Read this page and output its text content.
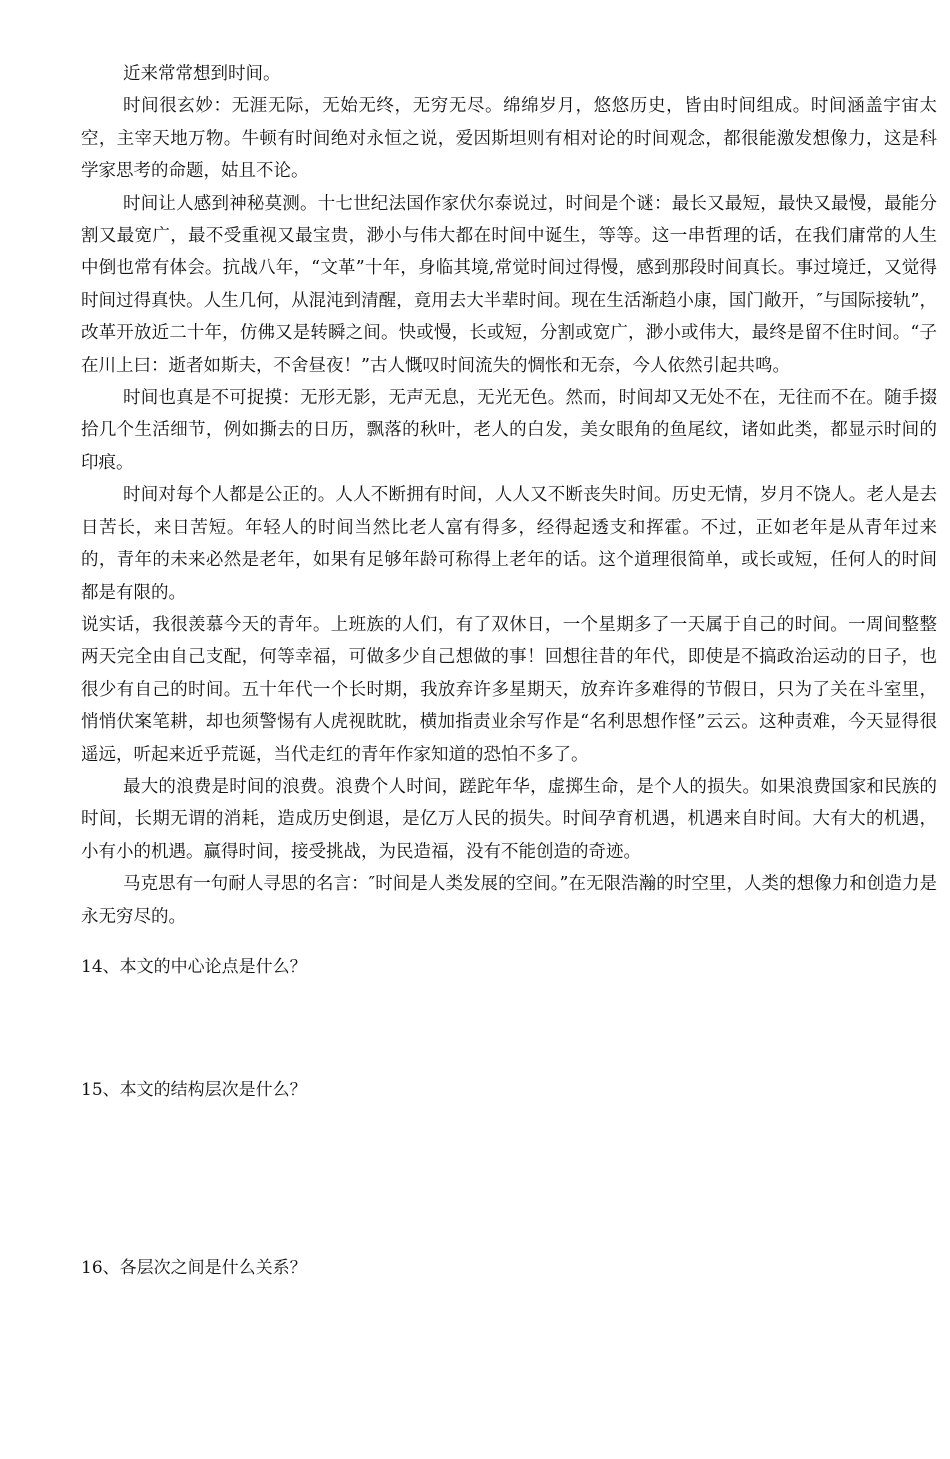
近来常常想到时间。

时间很玄妙：无涯无际，无始无终，无穷无尽。绵绵岁月，悠悠历史，皆由时间组成。时间涵盖宇宙太空，主宰天地万物。牛顿有时间绝对永恒之说，爱因斯坦则有相对论的时间观念，都很能激发想像力，这是科学家思考的命题，姑且不论。

时间让人感到神秘莫测。十七世纪法国作家伏尔泰说过，时间是个谜：最长又最短，最快又最慢，最能分割又最宽广，最不受重视又最宝贵，渺小与伟大都在时间中诞生，等等。这一串哲理的话，在我们庸常的人生中倒也常有体会。抗战八年，“文革”十年，身临其境,常觉时间过得慢，感到那段时间真长。事过境迁，又觉得时间过得真快。人生几何，从混沌到清醒，竟用去大半辈时间。现在生活渐趋小康，国门敞开，″与国际接轨”，改革开放近二十年，仿佛又是转瞬之间。快或慢，长或短，分割或宽广，渺小或伟大，最终是留不住时间。“子在川上曰：逝者如斯夫，不舍昼夜！”古人慨叹时间流失的惆怅和无奈，今人依然引起共鸣。

时间也真是不可捉摸：无形无影，无声无息，无光无色。然而，时间却又无处不在，无往而不在。随手掇拾几个生活细节，例如撕去的日历，飘落的秋叶，老人的白发，美女眼角的鱼尾纹，诸如此类，都显示时间的印痕。

时间对每个人都是公正的。人人不断拥有时间，人人又不断丧失时间。历史无情，岁月不饶人。老人是去日苦长，来日苦短。年轻人的时间当然比老人富有得多，经得起透支和挥霍。不过，正如老年是从青年过来的，青年的未来必然是老年，如果有足够年龄可称得上老年的话。这个道理很简单，或长或短，任何人的时间都是有限的。

说实话，我很羡慕今天的青年。上班族的人们，有了双休日，一个星期多了一天属于自己的时间。一周间整整两天完全由自己支配，何等幸福，可做多少自己想做的事！回想往昔的年代，即使是不搞政治运动的日子，也很少有自己的时间。五十年代一个长时期，我放弃许多星期天，放弃许多难得的节假日，只为了关在斗室里，悄悄伏案笔耕，却也须警惕有人虎视眈眈，横加指责业余写作是“名利思想作怪”云云。这种责难，今天显得很遥远，听起来近乎荒诞，当代走红的青年作家知道的恐怕不多了。

最大的浪费是时间的浪费。浪费个人时间，蹉跎年华，虚掷生命，是个人的损失。如果浪费国家和民族的时间，长期无谓的消耗，造成历史倒退，是亿万人民的损失。时间孕育机遇，机遇来自时间。大有大的机遇，小有小的机遇。赢得时间，接受挑战，为民造福，没有不能创造的奇迹。

马克思有一句耐人寻思的名言：″时间是人类发展的空间。”在无限浩瀚的时空里，人类的想像力和创造力是永无穷尽的。

14、本文的中心论点是什么？

15、本文的结构层次是什么？

16、各层次之间是什么关系？
